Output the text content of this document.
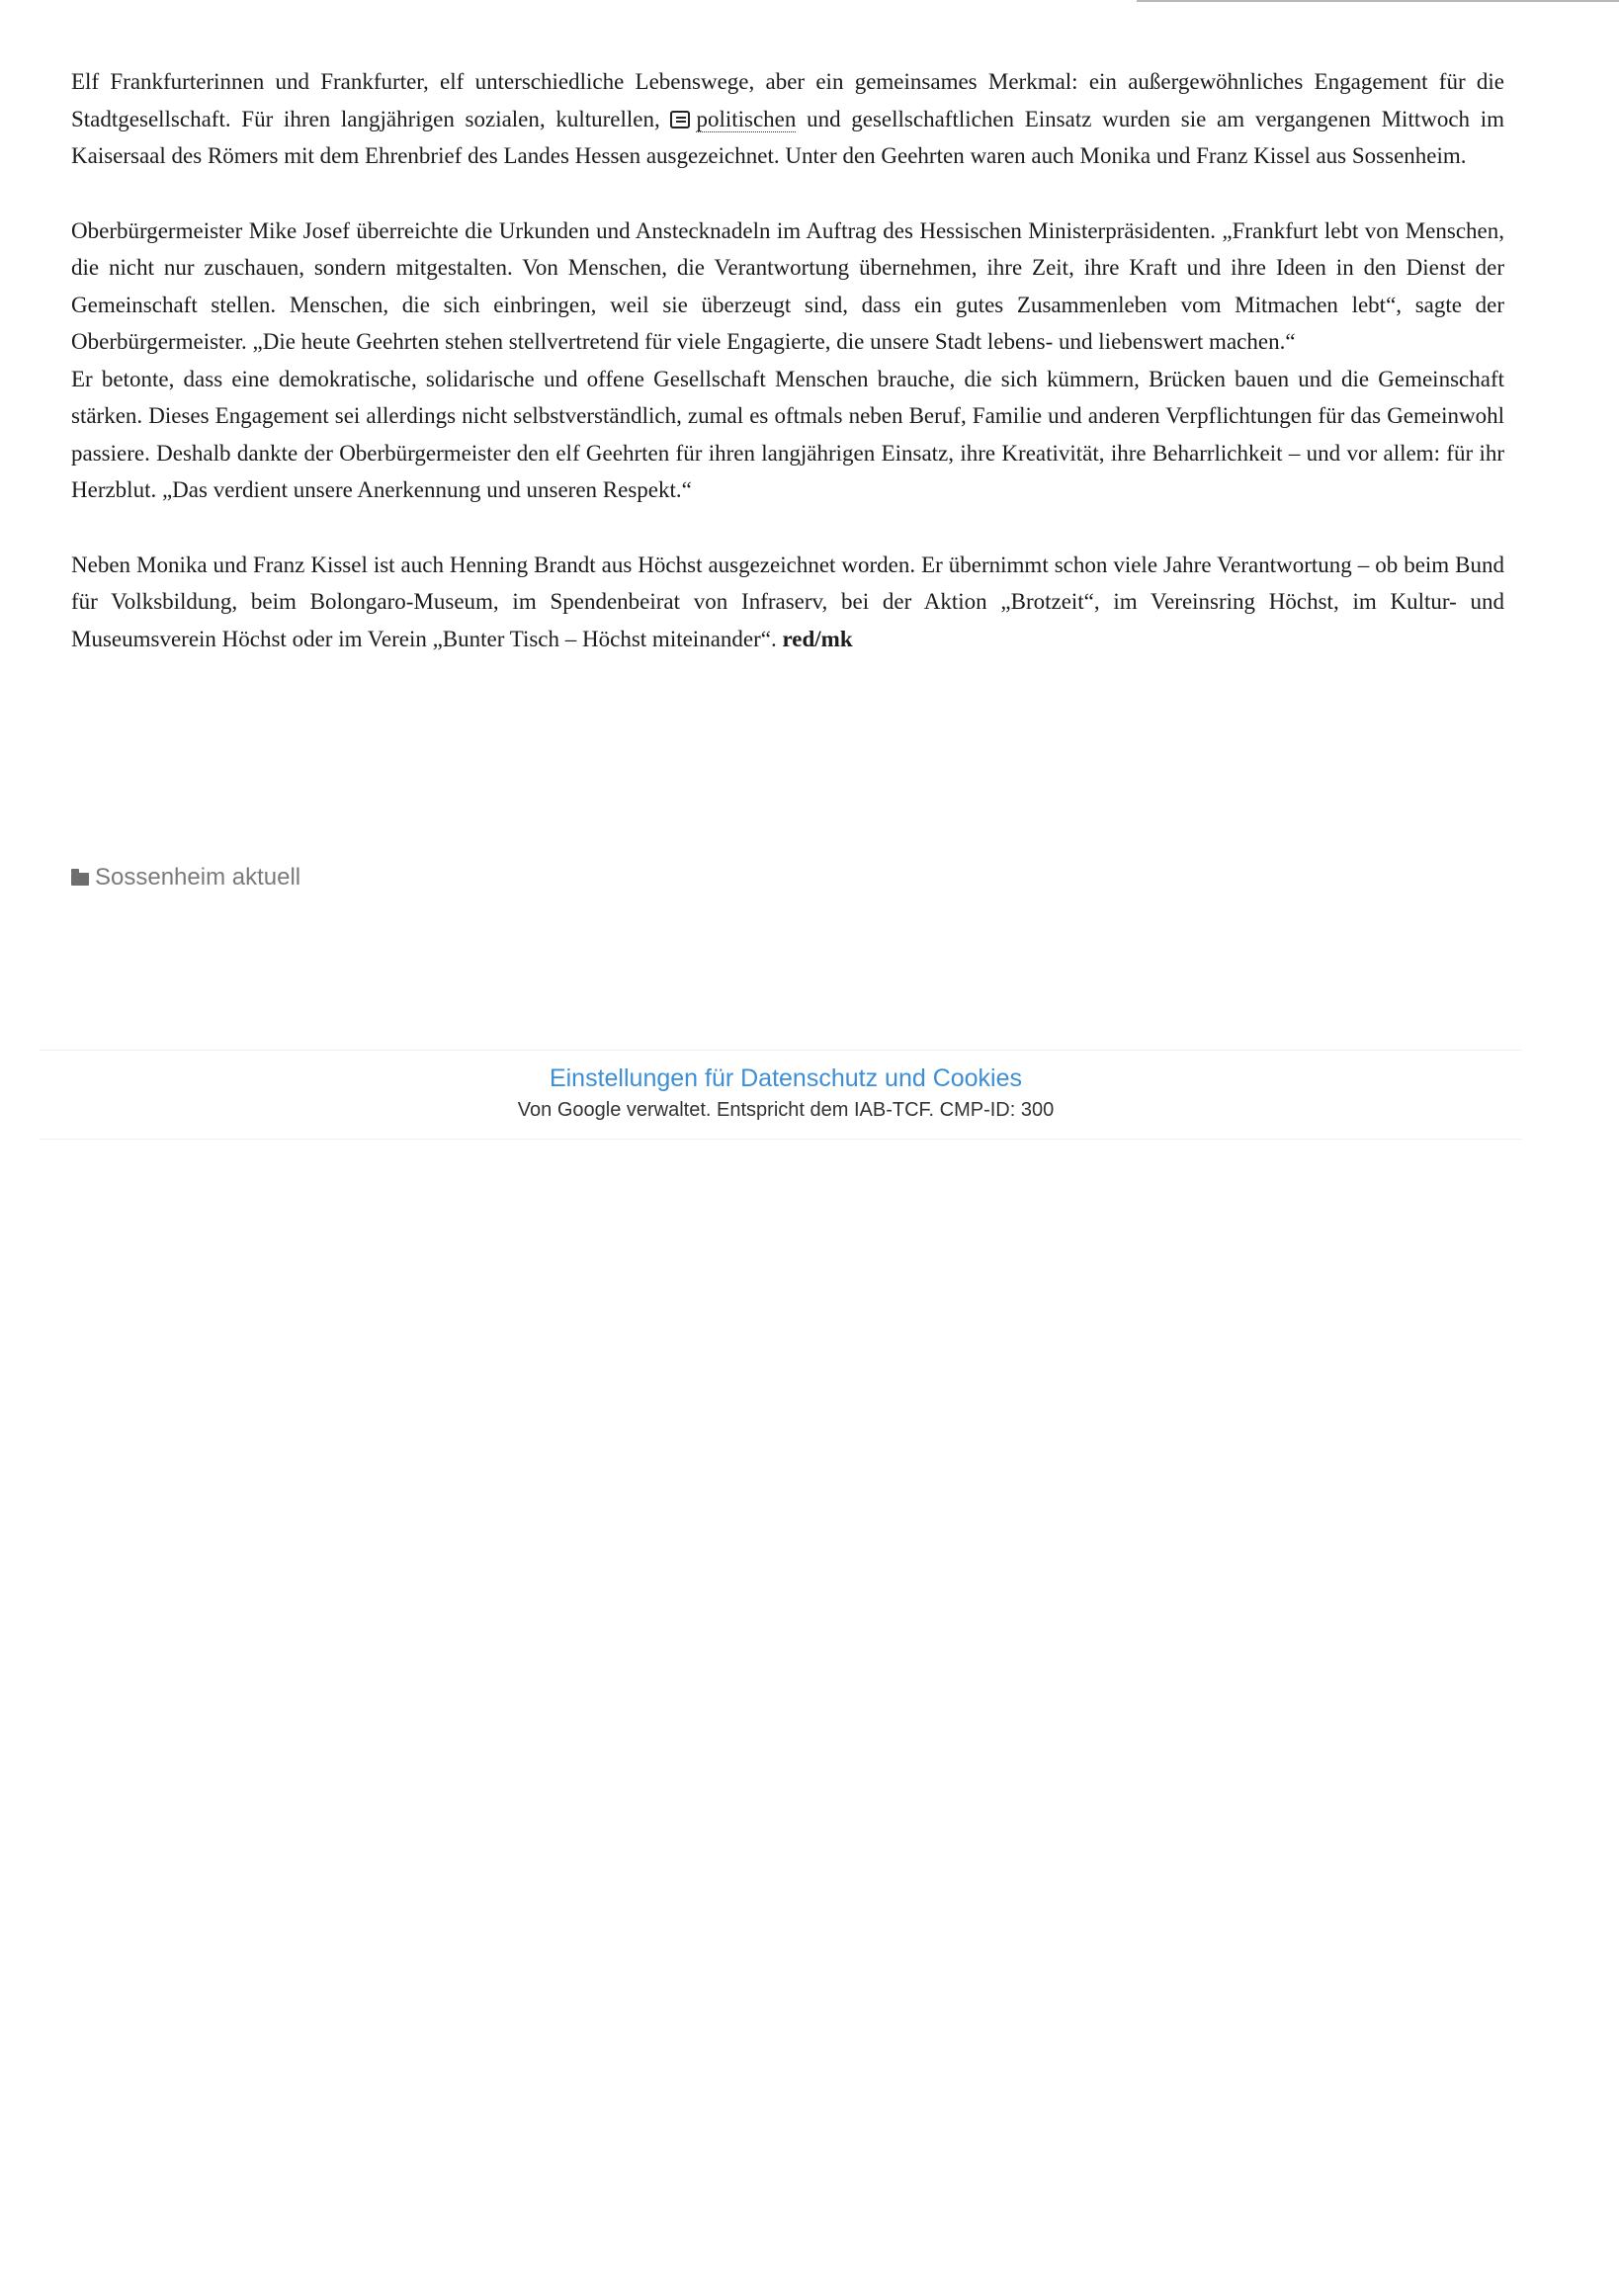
Elf Frankfurterinnen und Frankfurter, elf unterschiedliche Lebenswege, aber ein gemeinsames Merkmal: ein außergewöhnliches Engagement für die Stadtgesellschaft. Für ihren langjährigen sozialen, kulturellen, politischen und gesellschaftlichen Einsatz wurden sie am vergangenen Mittwoch im Kaisersaal des Römers mit dem Ehrenbrief des Landes Hessen ausgezeichnet. Unter den Geehrten waren auch Monika und Franz Kissel aus Sossenheim.

Oberbürgermeister Mike Josef überreichte die Urkunden und Anstecknadeln im Auftrag des Hessischen Ministerpräsidenten. „Frankfurt lebt von Menschen, die nicht nur zuschauen, sondern mitgestalten. Von Menschen, die Verantwortung übernehmen, ihre Zeit, ihre Kraft und ihre Ideen in den Dienst der Gemeinschaft stellen. Menschen, die sich einbringen, weil sie überzeugt sind, dass ein gutes Zusammenleben vom Mitmachen lebt“, sagte der Oberbürgermeister. „Die heute Geehrten stehen stellvertretend für viele Engagierte, die unsere Stadt lebens- und liebenswert machen.“

Er betonte, dass eine demokratische, solidarische und offene Gesellschaft Menschen brauche, die sich kümmern, Brücken bauen und die Gemeinschaft stärken. Dieses Engagement sei allerdings nicht selbstverständlich, zumal es oftmals neben Beruf, Familie und anderen Verpflichtungen für das Gemeinwohl passiere. Deshalb dankte der Oberbürgermeister den elf Geehrten für ihren langjährigen Einsatz, ihre Kreativität, ihre Beharrlichkeit – und vor allem: für ihr Herzblut. „Das verdient unsere Anerkennung und unseren Respekt.“

Neben Monika und Franz Kissel ist auch Henning Brandt aus Höchst ausgezeichnet worden. Er übernimmt schon viele Jahre Verantwortung – ob beim Bund für Volksbildung, beim Bolongaro-Museum, im Spendenbeirat von Infraserv, bei der Aktion „Brotzeit“, im Vereinsring Höchst, im Kultur- und Museumsverein Höchst oder im Verein „Bunter Tisch – Höchst miteinander“. red/mk

Sossenheim aktuell
Einstellungen für Datenschutz und Cookies
Von Google verwaltet. Entspricht dem IAB-TCF. CMP-ID: 300
